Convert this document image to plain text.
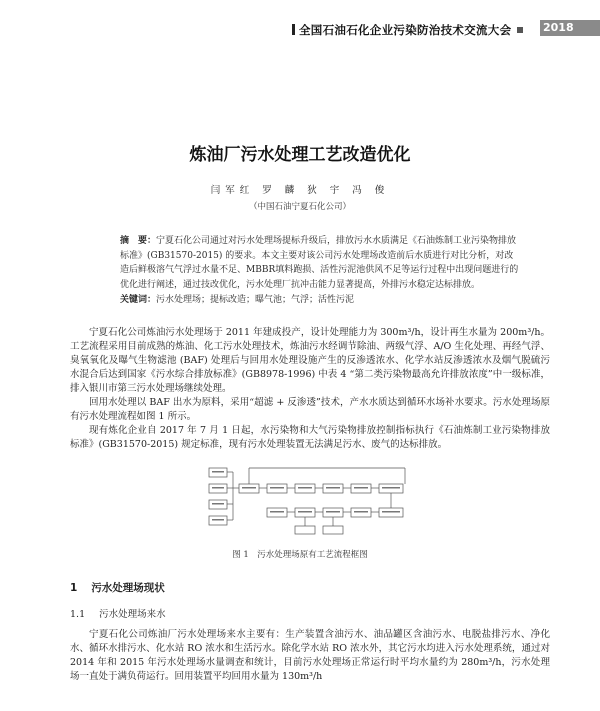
全国石油石化企业污染防治技术交流大会	2018
炼油厂污水处理工艺改造优化
闫军红 罗 麟 狄 宇 冯 俊
（中国石油宁夏石化公司）
摘　要：宁夏石化公司通过对污水处理场提标升级后，排放污水水质满足《石油炼制工业污染物排放标准》(GB31570-2015) 的要求。本文主要对该公司污水处理场改造前后水质进行对比分析，对改造后鲜极溶气气浮过水量不足、MBBR填料跑损、活性污泥池供风不足等运行过程中出现问题进行的优化进行阐述，通过技改优化，污水处理厂抗冲击能力显著提高，外排污水稳定达标排放。
关键词：污水处理场；提标改造；曝气池；气浮；活性污泥

宁夏石化公司炼油污水处理场于 2011 年建成投产，设计处理能力为 300m³/h，设计再生水量为 200m³/h。工艺流程采用目前成熟的炼油、化工污水处理技术，炼油污水经调节除油、两级气浮、A/O 生化处理、再经气浮、臭氧氧化及曝气生物滤池 (BAF) 处理后与回用水处理设施产生的反渗透浓水、化学水站反渗透浓水及烟气脱硫污水混合后达到国家《污水综合排放标准》(GB8978-1996) 中表 4 “第二类污染物最高允许排放浓度”中一级标准，排入银川市第三污水处理场继续处理。

回用水处理以 BAF 出水为原料，采用“超滤 + 反渗透”技术，产水水质达到循环水场补水要求。污水处理场原有污水处理流程如图 1 所示。

现有炼化企业自 2017 年 7 月 1 日起，水污染物和大气污染物排放控制指标执行《石油炼制工业污染物排放标准》(GB31570-2015) 规定标准，现有污水处理装置无法满足污水、废气的达标排放。

图 1　污水处理场原有工艺流程框图
1 污水处理场现状
1.1 污水处理场来水

宁夏石化公司炼油厂污水处理场来水主要有：生产装置含油污水、油品罐区含油污水、电脱盐排污水、净化水、循环水排污水、化水站 RO 浓水和生活污水。除化学水站 RO 浓水外，其它污水均进入污水处理系统，通过对 2014 年和 2015 年污水处理场水量调查和统计，目前污水处理场正常运行时平均水量约为 280m³/h，污水处理场一直处于满负荷运行。回用装置平均回用水量为 130m³/h
